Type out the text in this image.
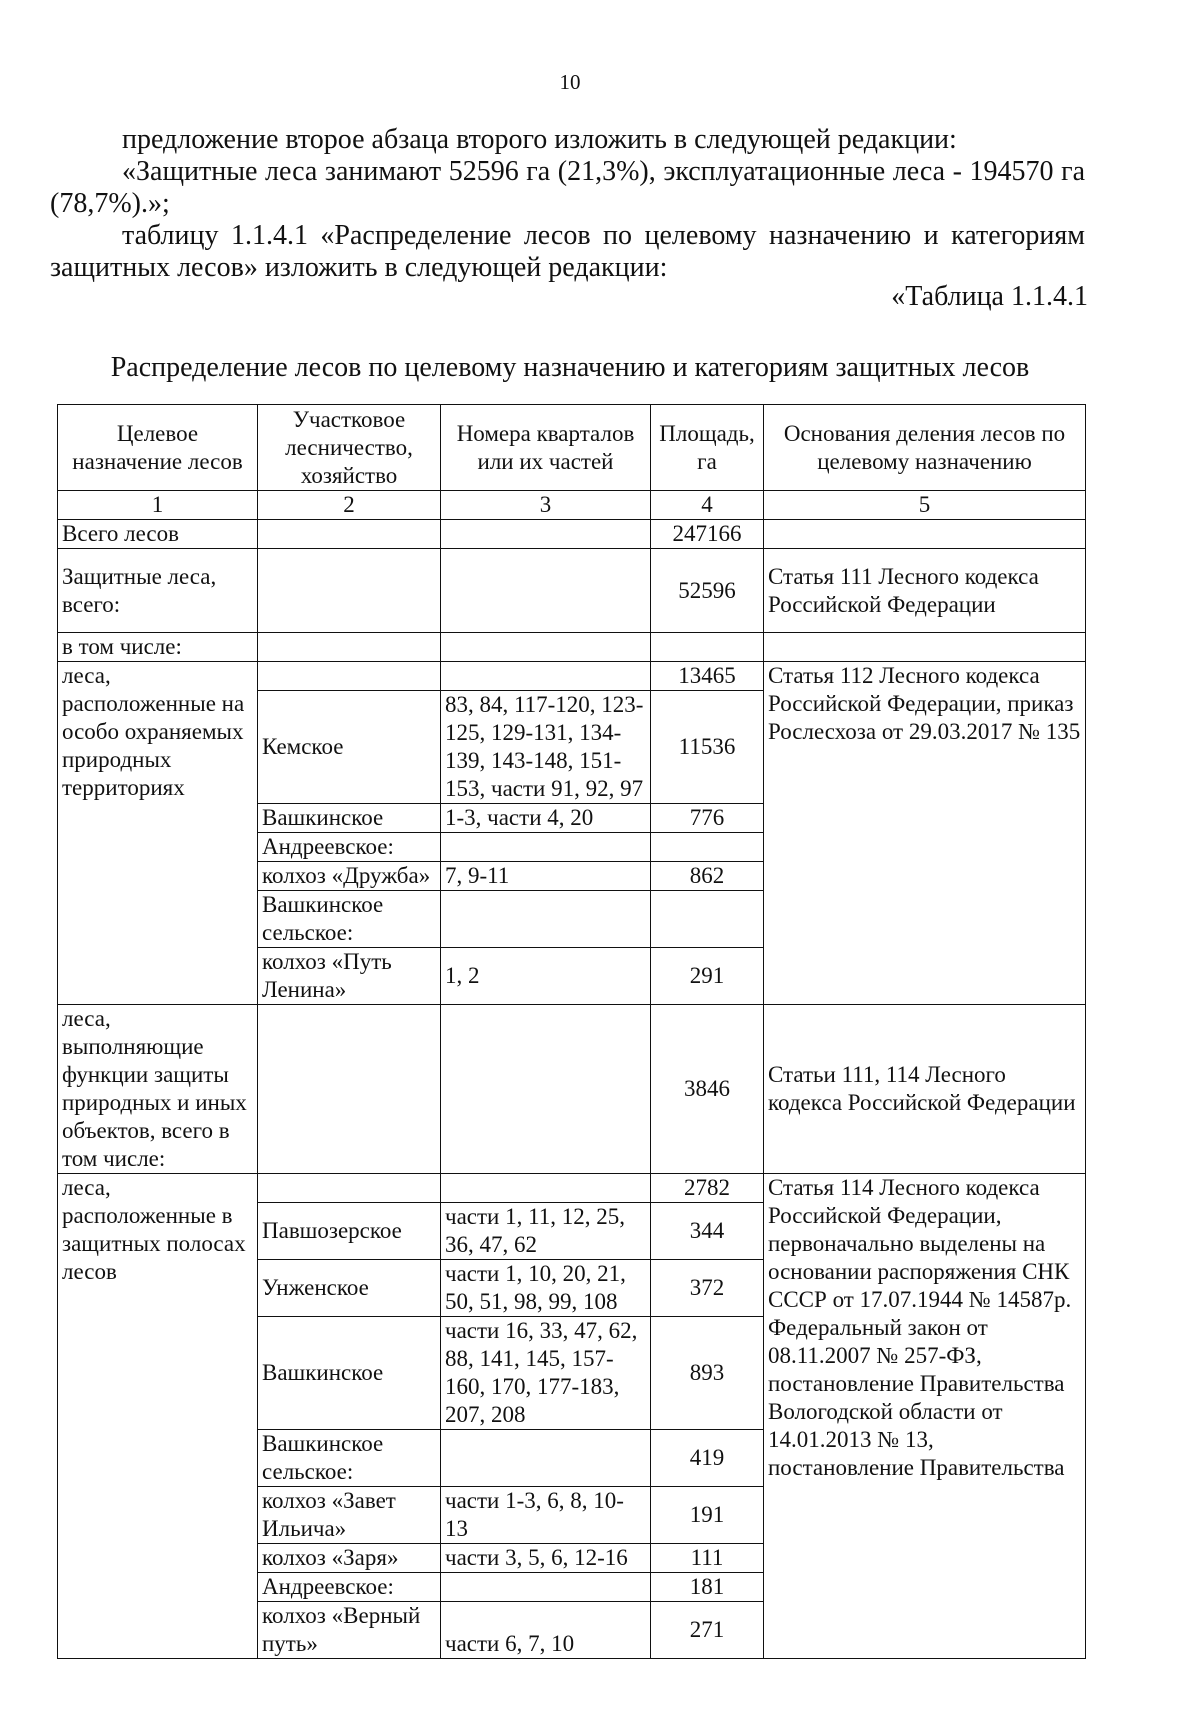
10
предложение второе абзаца второго изложить в следующей редакции:
«Защитные леса занимают 52596 га (21,3%), эксплуатационные леса - 194570 га (78,7%).»;
таблицу 1.1.4.1 «Распределение лесов по целевому назначению и категориям защитных лесов» изложить в следующей редакции:
«Таблица 1.1.4.1
Распределение лесов по целевому назначению и категориям защитных лесов
Целевое назначение лесов	Участковое лесничество, хозяйство	Номера кварталов или их частей	Площадь, га	Основания деления лесов по целевому назначению
1	2	3	4	5
Всего лесов			247166	
Защитные леса, всего:			52596	Статья 111 Лесного кодекса Российской Федерации
в том числе:				
леса, расположенные на особо охраняемых природных территориях			13465	Статья 112 Лесного кодекса Российской Федерации, приказ Рослесхоза от 29.03.2017 № 135
	Кемское	83, 84, 117-120, 123-125, 129-131, 134-139, 143-148, 151-153, части 91, 92, 97	11536	
	Вашкинское	1-3, части 4, 20	776	
	Андреевское:			
	колхоз «Дружба»	7, 9-11	862	
	Вашкинское сельское:			
	колхоз «Путь Ленина»	1, 2	291	
леса, выполняющие функции защиты природных и иных объектов, всего в том числе:			3846	Статьи 111, 114 Лесного кодекса Российской Федерации
леса, расположенные в защитных полосах лесов			2782	Статья 114 Лесного кодекса Российской Федерации, первоначально выделены на основании распоряжения СНК СССР от 17.07.1944 № 14587р. Федеральный закон от 08.11.2007 № 257-ФЗ, постановление Правительства Вологодской области от 14.01.2013 № 13, постановление Правительства
	Павшозерское	части 1, 11, 12, 25, 36, 47, 62	344	
	Унженское	части 1, 10, 20, 21, 50, 51, 98, 99, 108	372	
	Вашкинское	части 16, 33, 47, 62, 88, 141, 145, 157-160, 170, 177-183, 207, 208	893	
	Вашкинское сельское:		419	
	колхоз «Завет Ильича»	части 1-3, 6, 8, 10-13	191	
	колхоз «Заря»	части 3, 5, 6, 12-16	111	
	Андреевское:		181	
	колхоз «Верный путь»	части 6, 7, 10	271	
